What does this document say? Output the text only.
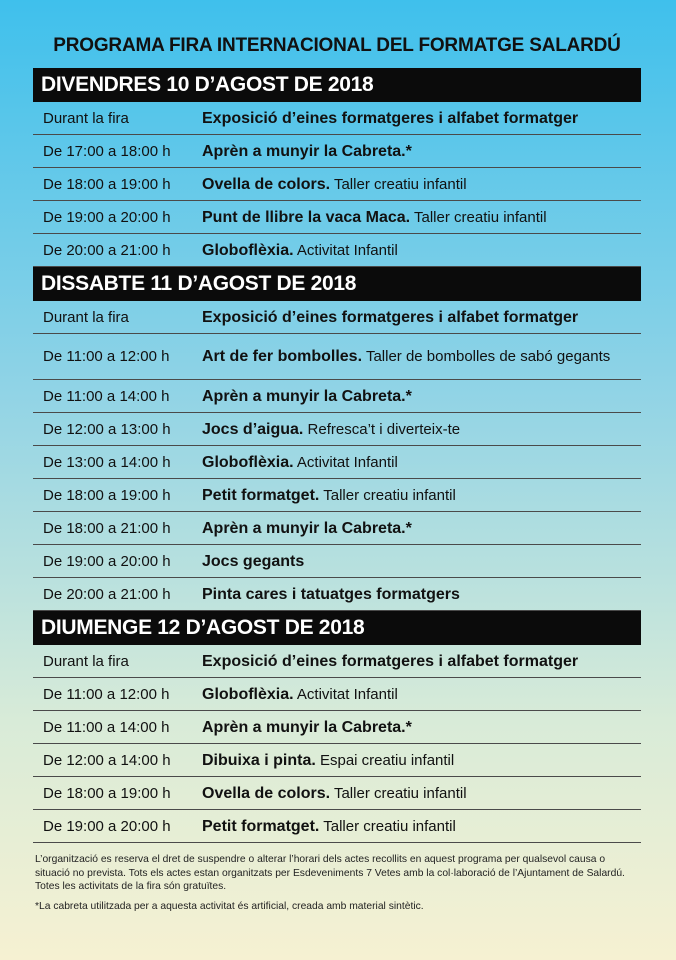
PROGRAMA FIRA INTERNACIONAL DEL FORMATGE SALARDÚ
DIVENDRES 10 D’AGOST DE 2018
Durant la fira	Exposició d’eines formatgeres i alfabet formatger
De 17:00 a 18:00 h	Aprèn a munyir la Cabreta.*
De 18:00 a 19:00 h	Ovella de colors. Taller creatiu infantil
De 19:00 a 20:00 h	Punt de llibre la vaca Maca. Taller creatiu infantil
De 20:00 a 21:00 h	Globoflèxia. Activitat Infantil
DISSABTE 11 D’AGOST DE 2018
Durant la fira	Exposició d’eines formatgeres i alfabet formatger
De 11:00 a 12:00 h	Art de fer bombolles. Taller de bombolles de sabó gegants
De 11:00 a 14:00 h	Aprèn a munyir la Cabreta.*
De 12:00 a 13:00 h	Jocs d’aigua. Refresca’t i diverteix-te
De 13:00 a 14:00 h	Globoflèxia. Activitat Infantil
De 18:00 a 19:00 h	Petit formatget. Taller creatiu infantil
De 18:00 a 21:00 h	Aprèn a munyir la Cabreta.*
De 19:00 a 20:00 h	Jocs gegants
De 20:00 a 21:00 h	Pinta cares i tatuatges formatgers
DIUMENGE 12 D’AGOST DE 2018
Durant la fira	Exposició d’eines formatgeres i alfabet formatger
De 11:00 a 12:00 h	Globoflèxia. Activitat Infantil
De 11:00 a 14:00 h	Aprèn a munyir la Cabreta.*
De 12:00 a 14:00 h	Dibuixa i pinta. Espai creatiu infantil
De 18:00 a 19:00 h	Ovella de colors. Taller creatiu infantil
De 19:00 a 20:00 h	Petit formatget. Taller creatiu infantil

L’organització es reserva el dret de suspendre o alterar l’horari dels actes recollits en aquest programa per qualsevol causa o situació no prevista. Tots els actes estan organitzats per Esdeveniments 7 Vetes amb la col·laboració de l’Ajuntament de Salardú. Totes les activitats de la fira són gratuïtes.

*La cabreta utilitzada per a aquesta activitat és artificial, creada amb material sintètic.
